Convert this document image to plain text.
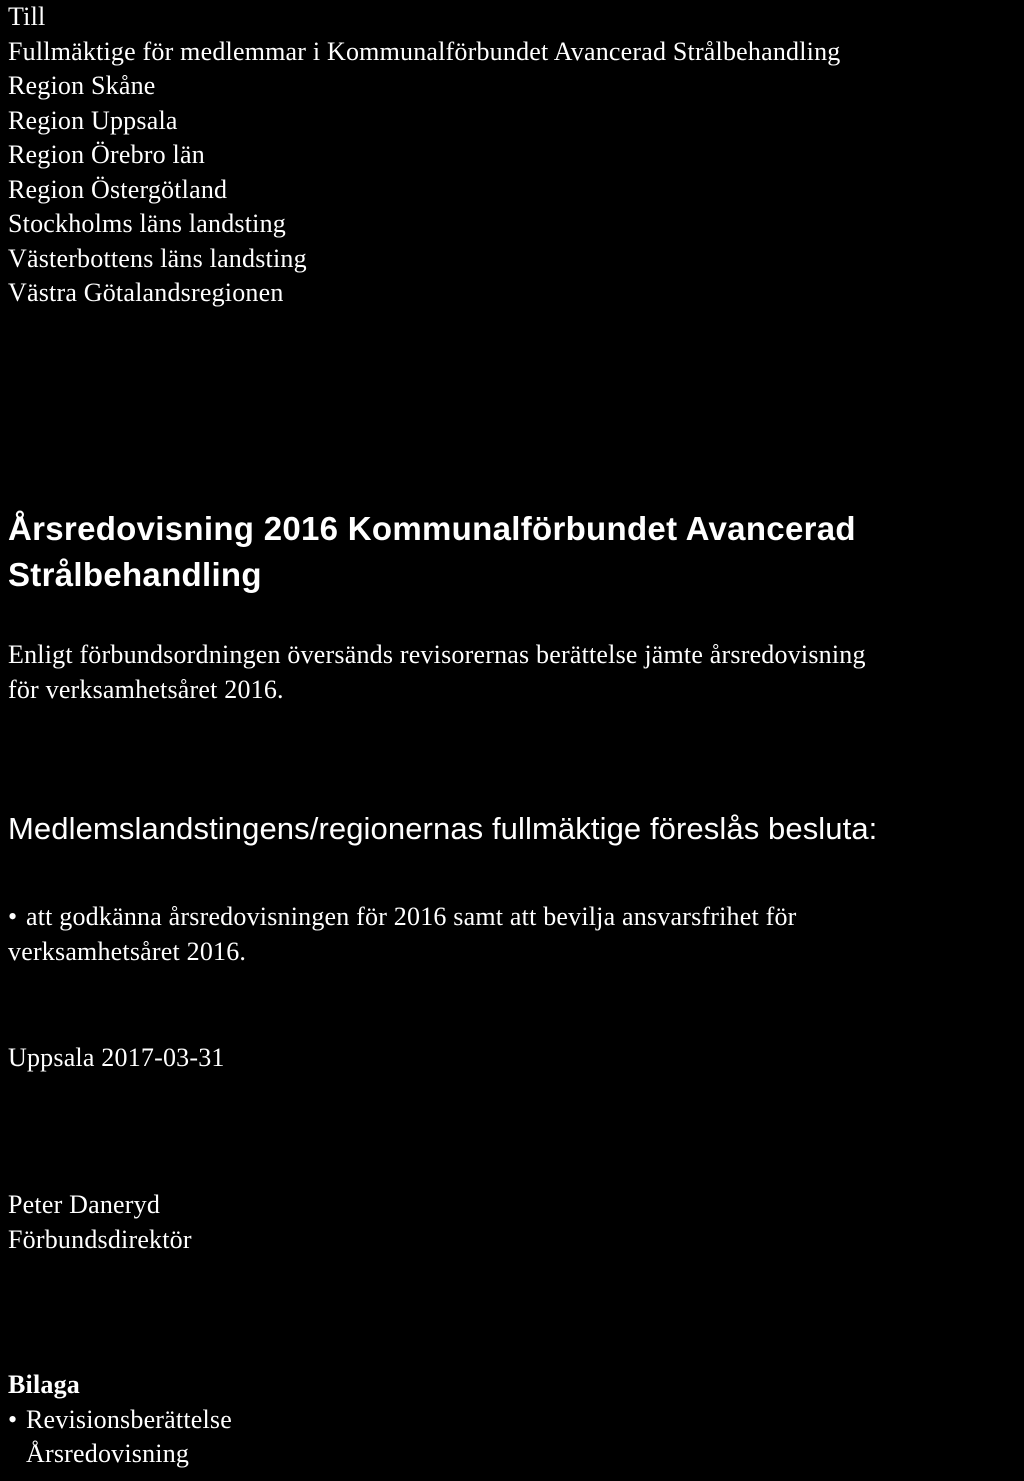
Till
Fullmäktige för medlemmar i Kommunalförbundet Avancerad Strålbehandling
Region Skåne
Region Uppsala
Region Örebro län
Region Östergötland
Stockholms läns landsting
Västerbottens läns landsting
Västra Götalandsregionen
Årsredovisning 2016 Kommunalförbundet Avancerad
Strålbehandling
Enligt förbundsordningen översänds revisorernas berättelse jämte årsredovisning
för verksamhetsåret 2016.
Medlemslandstingens/regionernas fullmäktige föreslås besluta:
• att godkänna årsredovisningen för 2016 samt att bevilja ansvarsfrihet för
verksamhetsåret 2016.
Uppsala 2017-03-31
Peter Daneryd
Förbundsdirektör
Bilaga
• Revisionsberättelse
Årsredovisning
